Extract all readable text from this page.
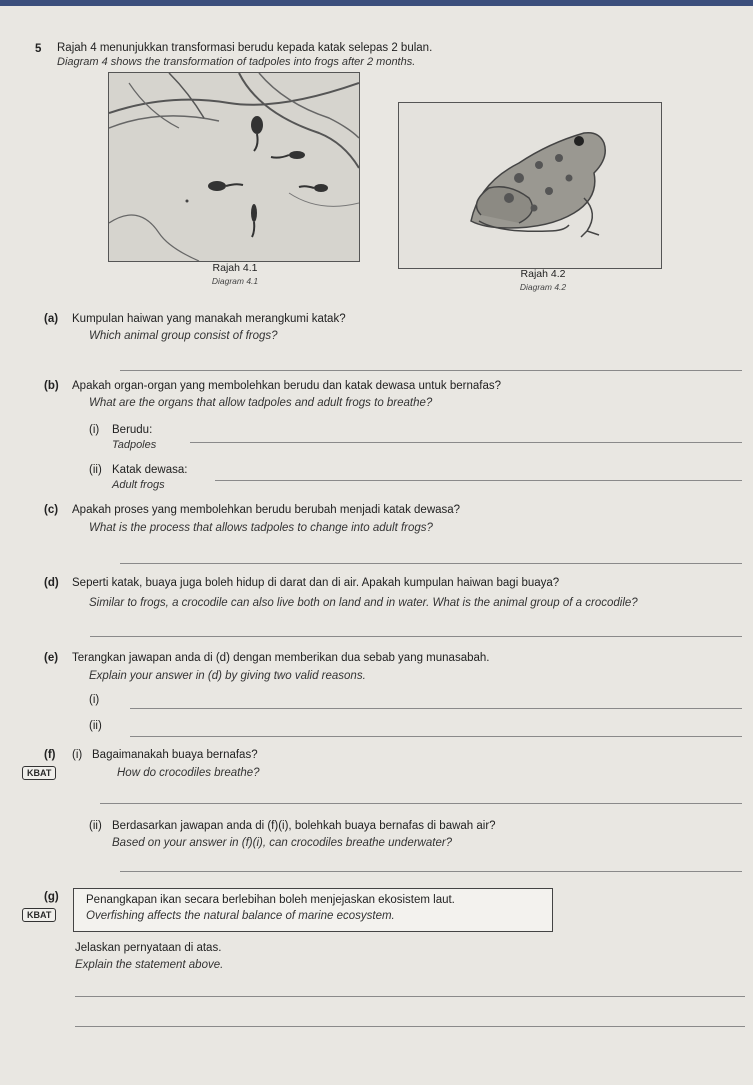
5 Rajah 4 menunjukkan transformasi berudu kepada katak selepas 2 bulan.
Diagram 4 shows the transformation of tadpoles into frogs after 2 months.
Rajah 4.1
Diagram 4.1
Rajah 4.2
Diagram 4.2
(a) Kumpulan haiwan yang manakah merangkumi katak?
Which animal group consist of frogs?
(b) Apakah organ-organ yang membolehkan berudu dan katak dewasa untuk bernafas?
What are the organs that allow tadpoles and adult frogs to breathe?
(i) Berudu:
Tadpoles
(ii) Katak dewasa:
Adult frogs
(c) Apakah proses yang membolehkan berudu berubah menjadi katak dewasa?
What is the process that allows tadpoles to change into adult frogs?
(d) Seperti katak, buaya juga boleh hidup di darat dan di air. Apakah kumpulan haiwan bagi buaya?
Similar to frogs, a crocodile can also live both on land and in water. What is the animal group of a crocodile?
(e) Terangkan jawapan anda di (d) dengan memberikan dua sebab yang munasabah.
Explain your answer in (d) by giving two valid reasons.
(i)
(ii)
(f) (i) Bagaimanakah buaya bernafas?
KBAT	How do crocodiles breathe?
(ii) Berdasarkan jawapan anda di (f)(i), bolehkah buaya bernafas di bawah air?
Based on your answer in (f)(i), can crocodiles breathe underwater?
(g)
KBAT
Penangkapan ikan secara berlebihan boleh menjejaskan ekosistem laut.
Overfishing affects the natural balance of marine ecosystem.
Jelaskan pernyataan di atas.
Explain the statement above.
